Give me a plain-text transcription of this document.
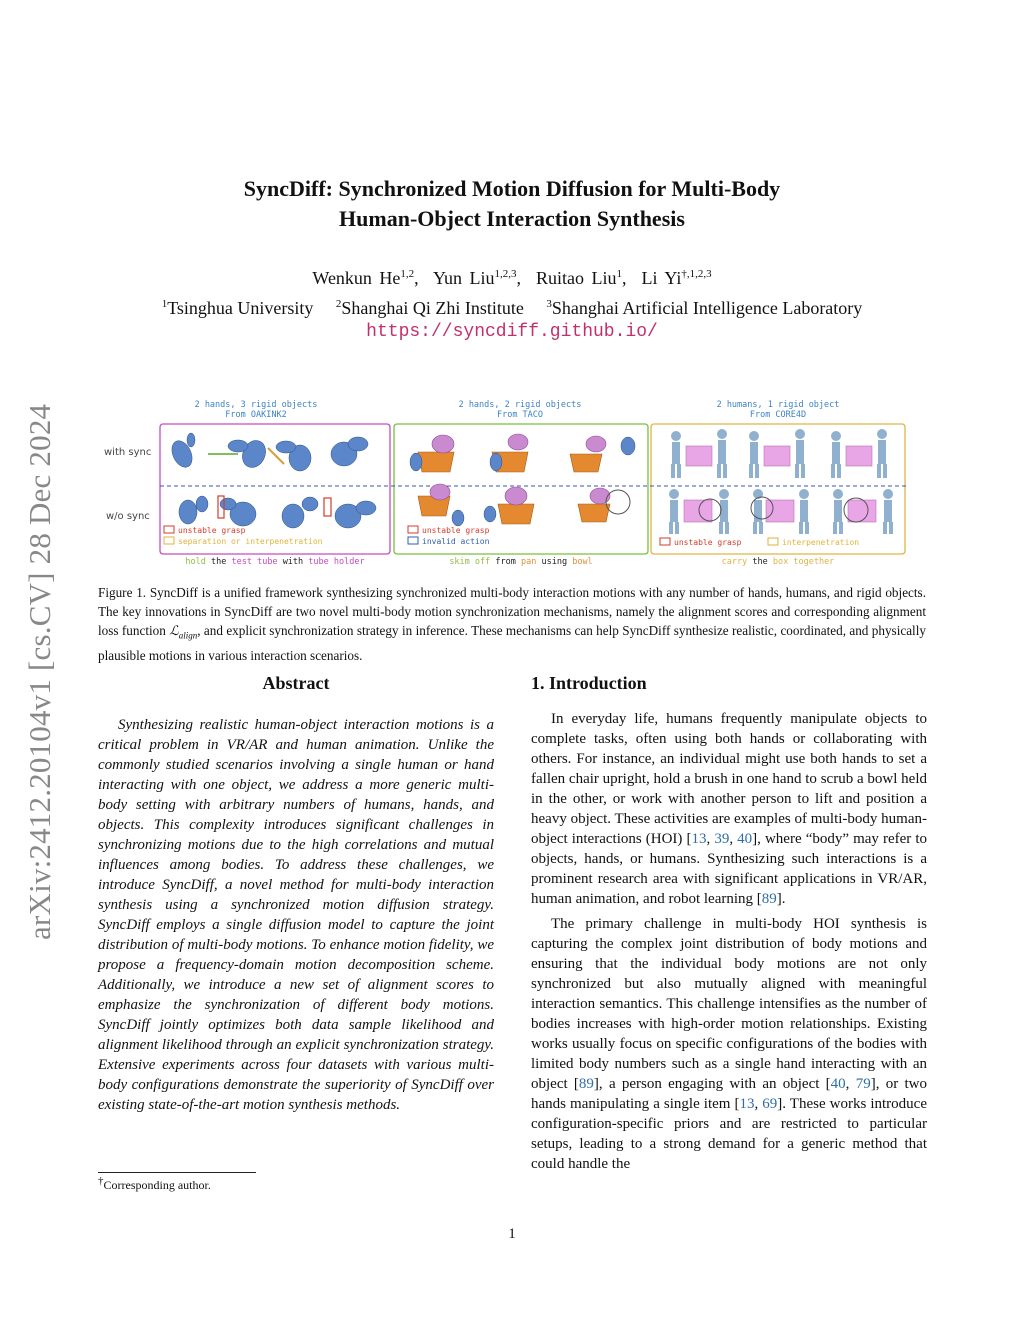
arXiv:2412.20104v1 [cs.CV] 28 Dec 2024
SyncDiff: Synchronized Motion Diffusion for Multi-Body
Human-Object Interaction Synthesis
Wenkun He$^{1,2}$,  Yun Liu$^{1,2,3}$,  Ruitao Liu$^1$,  Li $Yi^{\dagger,1,2,3}$
$^1$Tsinghua University $^2$Shanghai Qi Zhi Institute $^3$Shanghai Artificial Intelligence Laboratory
https://syncdiff.github.io/
with sync
w/o sync
2 hands, 3 rigid objects
From OAKINK2
2 hands, 2 rigid objects
From TACO
2 humans, 1 rigid object
From CORE4D
unstable grasp
separation or interpenetration
unstable grasp
invalid action	unstable grasp	interpenetration
hold the test tube with tube holder	skim off from pan using bowl	carry the box together
Figure 1. SyncDiff is a unified framework synthesizing synchronized multi-body interaction motions with any number of hands, humans, and rigid objects. The key innovations in SyncDiff are two novel multi-body motion synchronization mechanisms, namely the alignment scores and corresponding alignment loss function ℒ$_{align}$, and explicit synchronization strategy in inference. These mechanisms can help SyncDiff synthesize realistic, coordinated, and physically plausible motions in various interaction scenarios.
Abstract	1. Introduction

Synthesizing realistic human-object interaction motions is a critical problem in VR/AR and human animation. Unlike the commonly studied scenarios involving a single human or hand interacting with one object, we address a more generic multi-body setting with arbitrary numbers of humans, hands, and objects. This complexity introduces significant challenges in synchronizing motions due to the high correlations and mutual influences among bodies. To address these challenges, we introduce SyncDiff, a novel method for multi-body interaction synthesis using a synchronized motion diffusion strategy. SyncDiff employs a single diffusion model to capture the joint distribution of multi-body motions. To enhance motion fidelity, we propose a frequency-domain motion decomposition scheme. Additionally, we introduce a new set of alignment scores to emphasize the synchronization of different body motions. SyncDiff jointly optimizes both data sample likelihood and alignment likelihood through an explicit synchronization strategy. Extensive experiments across four datasets with various multi-body configurations demonstrate the superiority of SyncDiff over existing state-of-the-art motion synthesis methods.

In everyday life, humans frequently manipulate objects to complete tasks, often using both hands or collaborating with others. For instance, an individual might use both hands to set a fallen chair upright, hold a brush in one hand to scrub a bowl held in the other, or work with another person to lift and position a heavy object. These activities are examples of multi-body human-object interactions (HOI) [13, 39, 40], where “body” may refer to objects, hands, or humans. Synthesizing such interactions is a prominent research area with significant applications in VR/AR, human animation, and robot learning [89].

The primary challenge in multi-body HOI synthesis is capturing the complex joint distribution of body motions and ensuring that the individual body motions are not only synchronized but also mutually aligned with meaningful interaction semantics. This challenge intensifies as the number of bodies increases with high-order motion relationships. Existing works usually focus on specific configurations of the bodies with limited body numbers such as a single hand interacting with an object [89], a person engaging with an object [40, 79], or two hands manipulating a single item [13, 69]. These works introduce configuration-specific priors and are restricted to particular setups, leading to a strong demand for a generic method that could handle the

†Corresponding author.
1
